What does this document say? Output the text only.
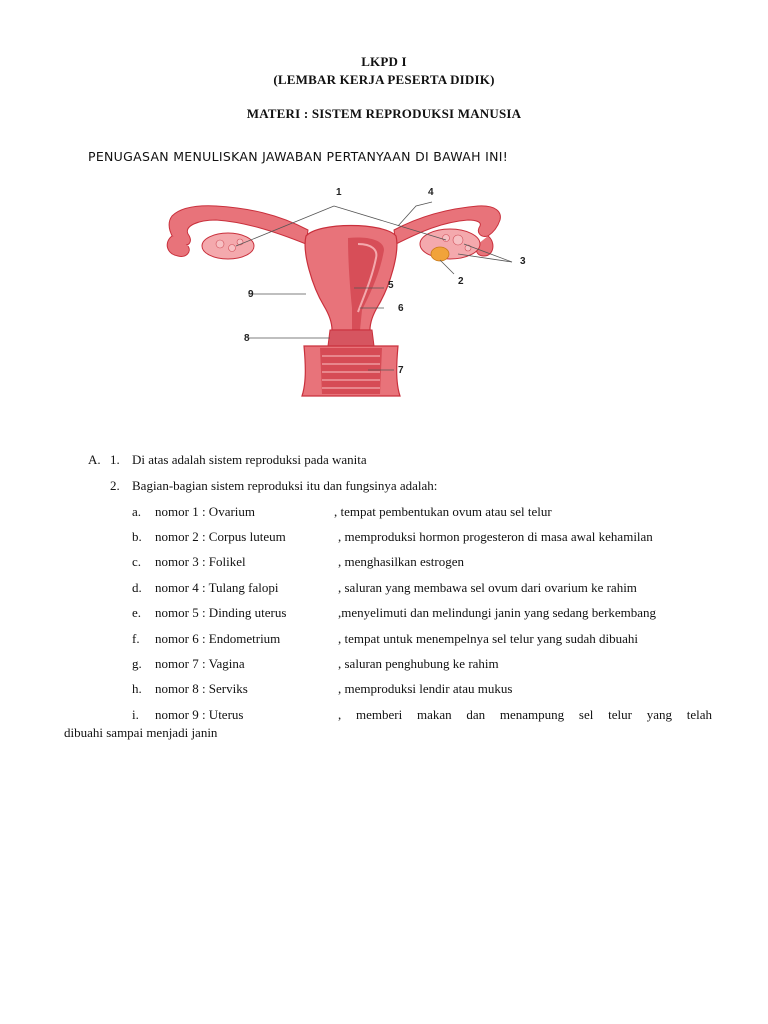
LKPD I
(LEMBAR KERJA PESERTA DIDIK)
MATERI : SISTEM REPRODUKSI MANUSIA
PENUGASAN MENULISKAN JAWABAN PERTANYAAN DI BAWAH INI!
1
2
3
4
5
6
7
8
9
A. 1. Di atas adalah sistem reproduksi pada wanita
2. Bagian-bagian sistem reproduksi itu dan fungsinya adalah:
a. nomor 1 : Ovarium	, tempat pembentukan ovum atau sel telur
b. nomor 2 : Corpus luteum	, memproduksi hormon progesteron di masa awal kehamilan
c. nomor 3 : Folikel	, menghasilkan estrogen
d. nomor 4 : Tulang falopi	, saluran yang membawa sel ovum dari ovarium ke rahim
e. nomor 5 : Dinding uterus	,menyelimuti dan melindungi janin yang sedang berkembang
f. nomor 6 : Endometrium	, tempat untuk menempelnya sel telur yang sudah dibuahi
g. nomor 7 : Vagina	, saluran penghubung ke rahim
h. nomor 8 : Serviks	, memproduksi lendir atau mukus
i. nomor 9 : Uterus	, memberi makan dan menampung sel telur yang telah
dibuahi sampai menjadi janin
